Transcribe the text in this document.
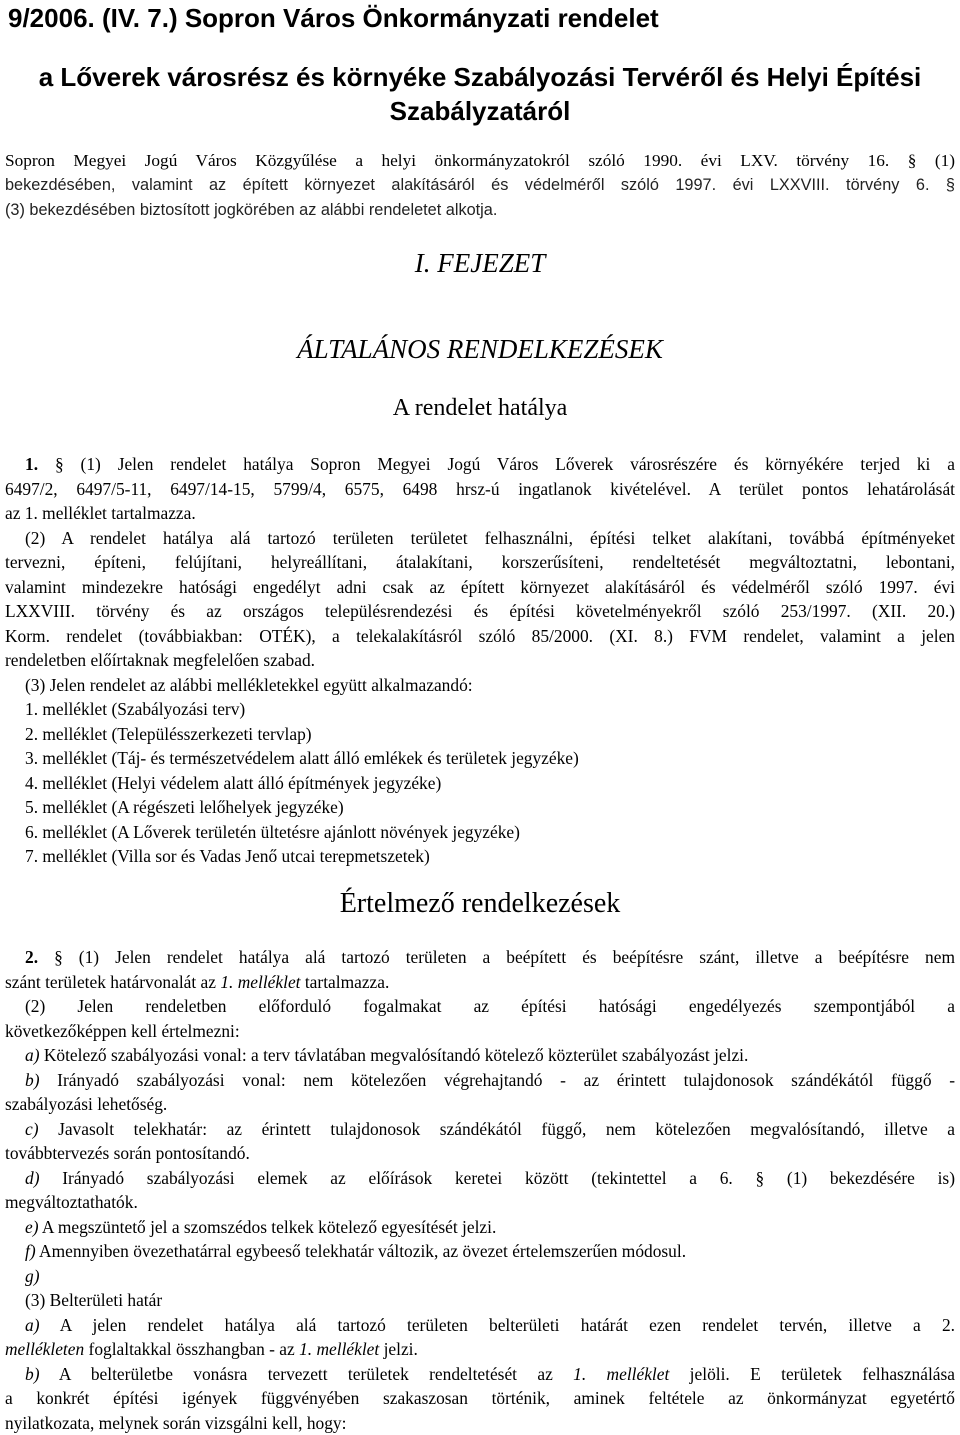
9/2006. (IV. 7.) Sopron Város Önkormányzati rendelet
a Lőverek városrész és környéke Szabályozási Tervéről és Helyi Építési
Szabályzatáról
Sopron Megyei Jogú Város Közgyűlése a helyi önkormányzatokról szóló 1990. évi LXV. törvény 16. § (1)
bekezdésében, valamint az épített környezet alakításáról és védelméről szóló 1997. évi LXXVIII. törvény 6. §
(3) bekezdésében biztosított jogkörében az alábbi rendeletet alkotja.
I. FEJEZET
ÁLTALÁNOS RENDELKEZÉSEK
A rendelet hatálya
1. § (1) Jelen rendelet hatálya Sopron Megyei Jogú Város Lőverek városrészére és környékére terjed ki a
6497/2, 6497/5-11, 6497/14-15, 5799/4, 6575, 6498 hrsz-ú ingatlanok kivételével. A terület pontos lehatárolását
az 1. melléklet tartalmazza.
(2) A rendelet hatálya alá tartozó területen területet felhasználni, építési telket alakítani, továbbá építményeket
tervezni, építeni, felújítani, helyreállítani, átalakítani, korszerűsíteni, rendeltetését megváltoztatni, lebontani,
valamint mindezekre hatósági engedélyt adni csak az épített környezet alakításáról és védelméről szóló 1997. évi
LXXVIII. törvény és az országos településrendezési és építési követelményekről szóló 253/1997. (XII. 20.)
Korm. rendelet (továbbiakban: OTÉK), a telekalakításról szóló 85/2000. (XI. 8.) FVM rendelet, valamint a jelen
rendeletben előírtaknak megfelelően szabad.
(3) Jelen rendelet az alábbi mellékletekkel együtt alkalmazandó:
1. melléklet (Szabályozási terv)
2. melléklet (Településszerkezeti tervlap)
3. melléklet (Táj- és természetvédelem alatt álló emlékek és területek jegyzéke)
4. melléklet (Helyi védelem alatt álló építmények jegyzéke)
5. melléklet (A régészeti lelőhelyek jegyzéke)
6. melléklet (A Lőverek területén ültetésre ajánlott növények jegyzéke)
7. melléklet (Villa sor és Vadas Jenő utcai terepmetszetek)
Értelmező rendelkezések
2. § (1) Jelen rendelet hatálya alá tartozó területen a beépített és beépítésre szánt, illetve a beépítésre nem
szánt területek határvonalát az 1. melléklet tartalmazza.
(2) Jelen rendeletben előforduló fogalmakat az építési hatósági engedélyezés szempontjából a
következőképpen kell értelmezni:
a) Kötelező szabályozási vonal: a terv távlatában megvalósítandó kötelező közterület szabályozást jelzi.
b) Irányadó szabályozási vonal: nem kötelezően végrehajtandó - az érintett tulajdonosok szándékától függő -
szabályozási lehetőség.
c) Javasolt telekhatár: az érintett tulajdonosok szándékától függő, nem kötelezően megvalósítandó, illetve a
továbbtervezés során pontosítandó.
d) Irányadó szabályozási elemek az előírások keretei között (tekintettel a 6. § (1) bekezdésére is)
megváltoztathatók.
e) A megszüntető jel a szomszédos telkek kötelező egyesítését jelzi.
f) Amennyiben övezethatárral egybeeső telekhatár változik, az övezet értelemszerűen módosul.
g)
(3) Belterületi határ
a) A jelen rendelet hatálya alá tartozó területen belterületi határát ezen rendelet tervén, illetve a 2.
mellékleten foglaltakkal összhangban - az 1. melléklet jelzi.
b) A belterületbe vonásra tervezett területek rendeltetését az 1. melléklet jelöli. E területek felhasználása
a konkrét építési igények függvényében szakaszosan történik, aminek feltétele az önkormányzat egyetértő
nyilatkozata, melynek során vizsgálni kell, hogy:
